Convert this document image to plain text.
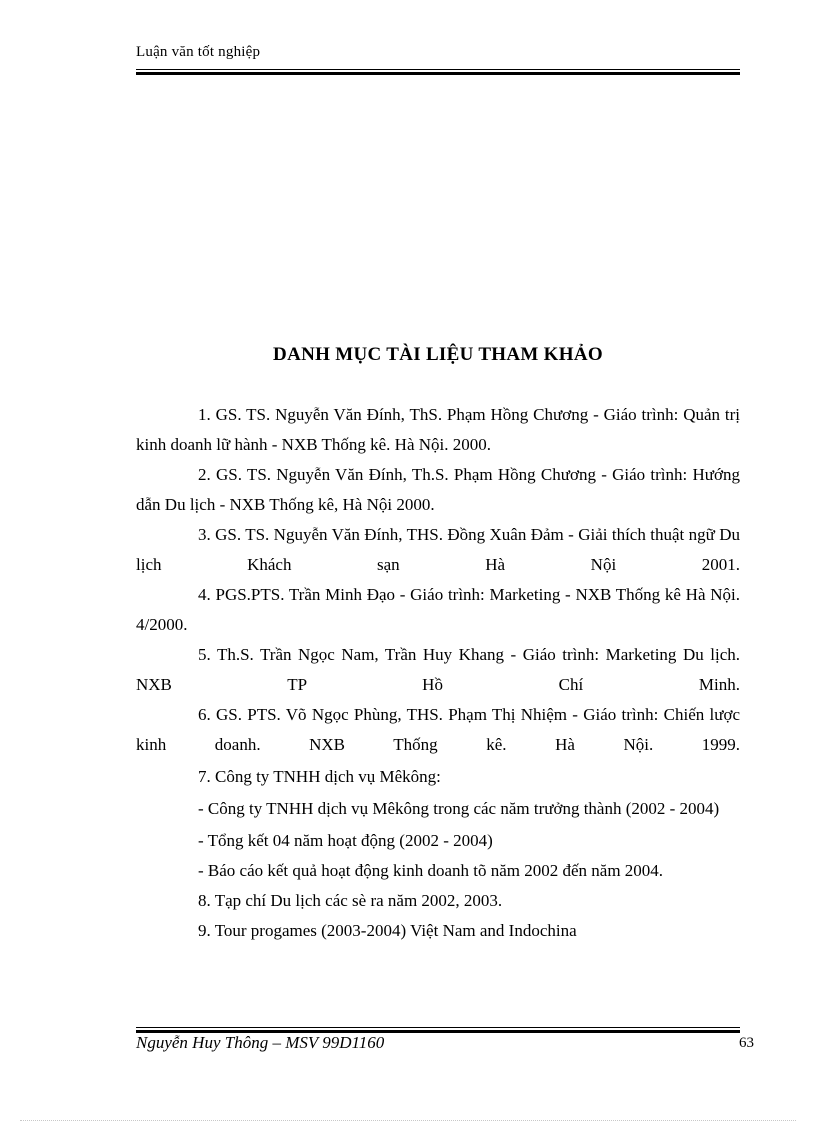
Luận văn tốt nghiệp
DANH MỤC TÀI LIỆU THAM KHẢO

1. GS. TS. Nguyễn Văn Đính, ThS. Phạm Hồng Chương - Giáo trình: Quản trị kinh doanh lữ hành - NXB Thống kê. Hà Nội. 2000.

2. GS. TS. Nguyễn Văn Đính, Th.S. Phạm Hồng Chương - Giáo trình: Hướng dẫn Du lịch - NXB Thống kê, Hà Nội 2000.

3. GS. TS. Nguyễn Văn Đính, THS. Đồng Xuân Đảm - Giải thích thuật ngữ Du lịch Khách sạn Hà Nội 2001.

4. PGS.PTS. Trần Minh Đạo - Giáo trình: Marketing - NXB Thống kê Hà Nội. 4/2000.

5. Th.S. Trần Ngọc Nam, Trần Huy Khang - Giáo trình: Marketing Du lịch. NXB TP Hồ Chí Minh.

6. GS. PTS. Võ Ngọc Phùng, THS. Phạm Thị Nhiệm - Giáo trình: Chiến lược kinh doanh. NXB Thống kê. Hà Nội. 1999.

7. Công ty TNHH dịch vụ Mêkông:

- Công ty TNHH dịch vụ Mêkông trong các năm trưởng thành (2002 - 2004)

- Tổng kết 04 năm hoạt động (2002 - 2004)

- Báo cáo kết quả hoạt động kinh doanh tõ năm 2002 đến năm 2004.

8. Tạp chí Du lịch các sè ra năm 2002, 2003.

9. Tour progames (2003-2004) Việt Nam and Indochina

Nguyễn Huy Thông – MSV 99D1160	63
